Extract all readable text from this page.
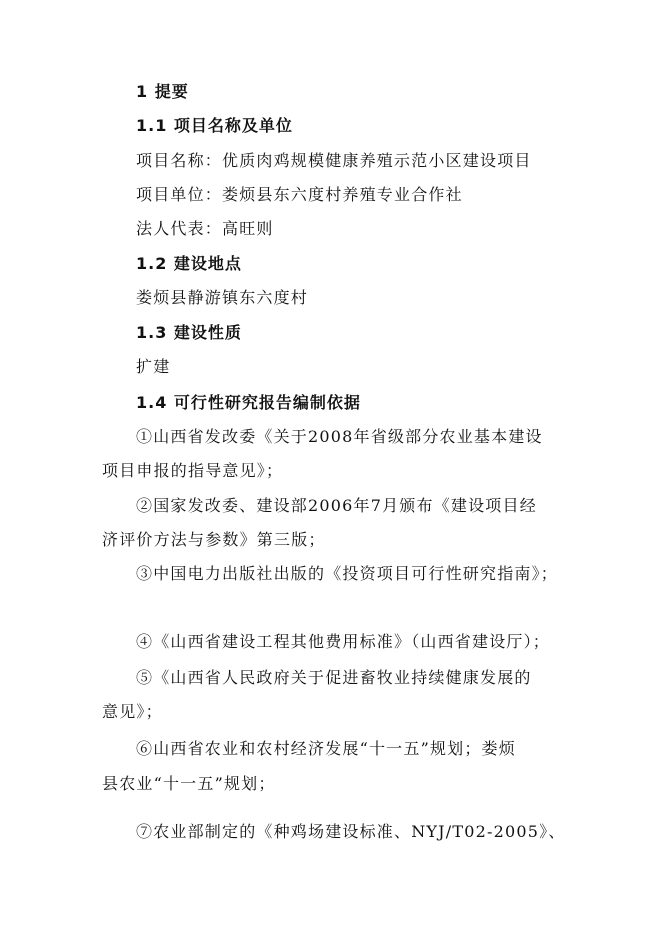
1 提要
1.1 项目名称及单位
项目名称：优质肉鸡规模健康养殖示范小区建设项目
项目单位：娄烦县东六度村养殖专业合作社
法人代表：高旺则
1.2 建设地点
娄烦县静游镇东六度村
1.3 建设性质
扩建
1.4 可行性研究报告编制依据
①山西省发改委《关于2008年省级部分农业基本建设
项目申报的指导意见》；
②国家发改委、建设部2006年7月颁布《建设项目经
济评价方法与参数》第三版；
③中国电力出版社出版的《投资项目可行性研究指南》；
④《山西省建设工程其他费用标准》（山西省建设厅）；
⑤《山西省人民政府关于促进畜牧业持续健康发展的
意见》；
⑥山西省农业和农村经济发展“十一五”规划；娄烦
县农业“十一五”规划；
⑦农业部制定的《种鸡场建设标准、NYJ/T02-2005》、
